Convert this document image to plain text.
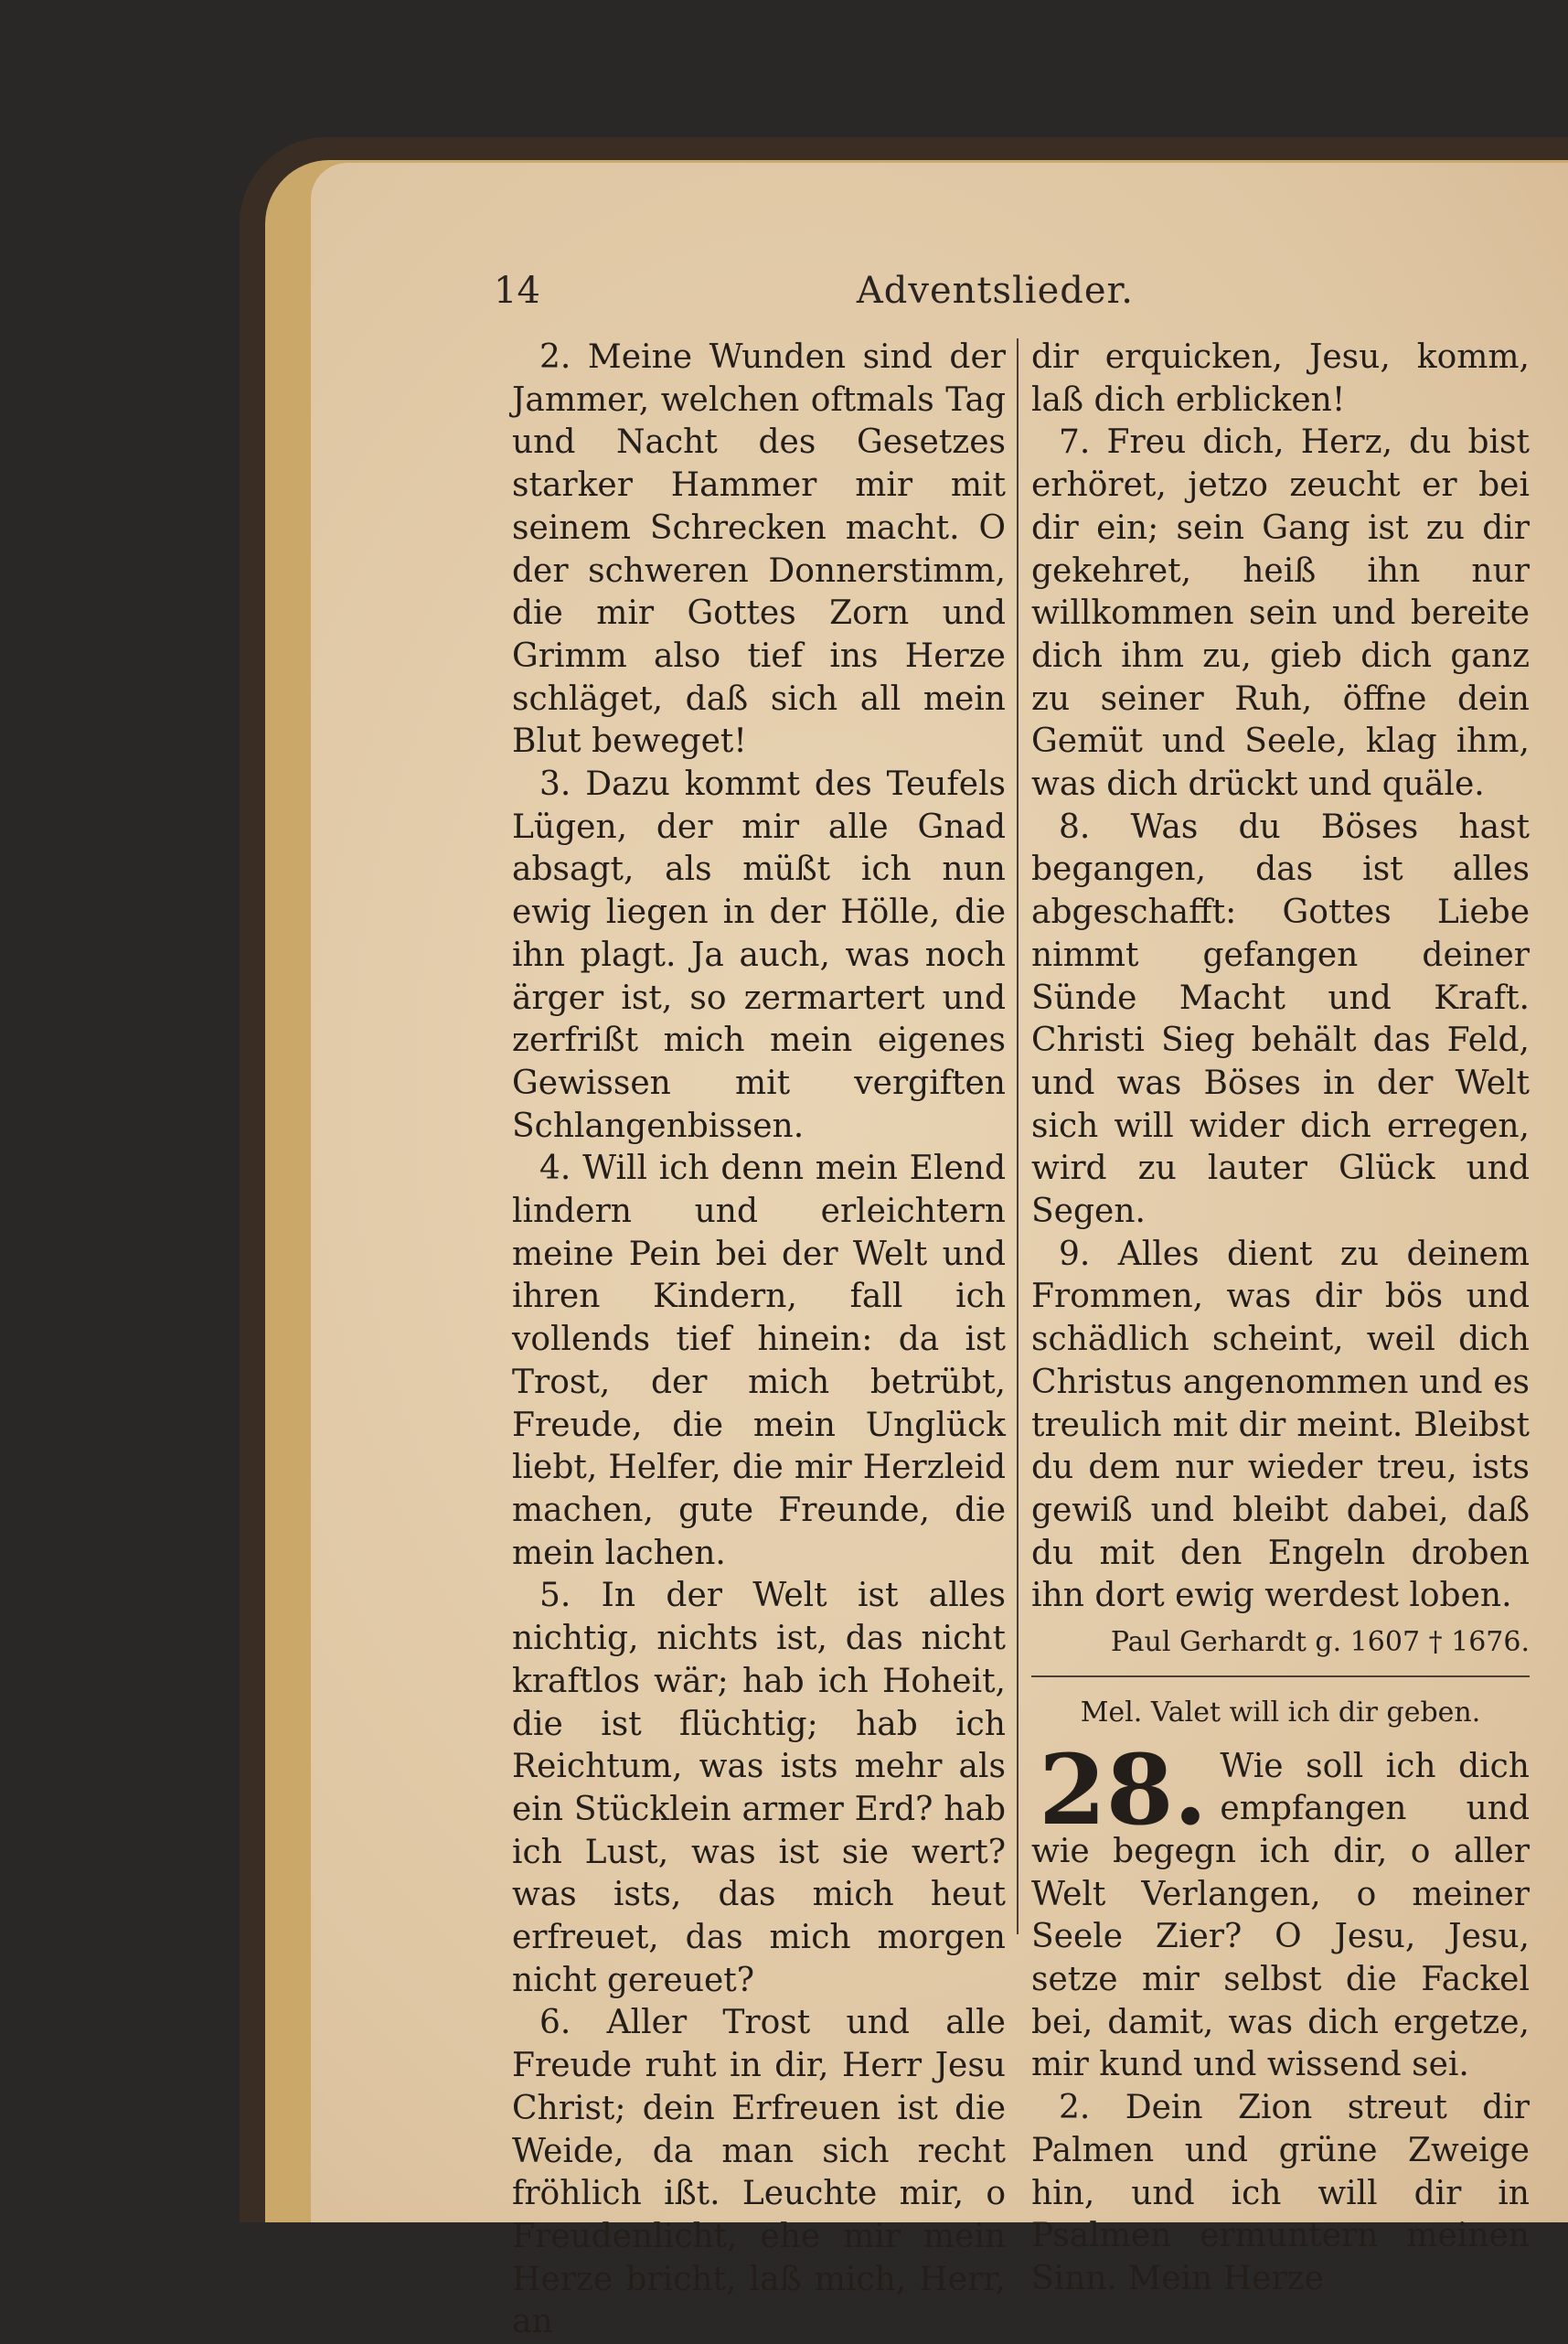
14	Adventslieder.

2. Meine Wunden sind der Jammer, welchen oftmals Tag und Nacht des Gesetzes starker Hammer mir mit seinem Schrecken macht. O der schweren Donnerstimm, die mir Gottes Zorn und Grimm also tief ins Herze schläget, daß sich all mein Blut beweget!

3. Dazu kommt des Teufels Lügen, der mir alle Gnad absagt, als müßt ich nun ewig liegen in der Hölle, die ihn plagt. Ja auch, was noch ärger ist, so zermartert und zerfrißt mich mein eigenes Gewissen mit vergiften Schlangenbissen.

4. Will ich denn mein Elend lindern und erleichtern meine Pein bei der Welt und ihren Kindern, fall ich vollends tief hinein: da ist Trost, der mich betrübt, Freude, die mein Unglück liebt, Helfer, die mir Herzleid machen, gute Freunde, die mein lachen.

5. In der Welt ist alles nichtig, nichts ist, das nicht kraftlos wär; hab ich Hoheit, die ist flüchtig; hab ich Reichtum, was ists mehr als ein Stücklein armer Erd? hab ich Lust, was ist sie wert? was ists, das mich heut erfreuet, das mich morgen nicht gereuet?

6. Aller Trost und alle Freude ruht in dir, Herr Jesu Christ; dein Erfreuen ist die Weide, da man sich recht fröhlich ißt. Leuchte mir, o Freudenlicht, ehe mir mein Herze bricht, laß mich, Herr, an

dir erquicken, Jesu, komm, laß dich erblicken!

7. Freu dich, Herz, du bist erhöret, jetzo zeucht er bei dir ein; sein Gang ist zu dir gekehret, heiß ihn nur willkommen sein und bereite dich ihm zu, gieb dich ganz zu seiner Ruh, öffne dein Gemüt und Seele, klag ihm, was dich drückt und quäle.

8. Was du Böses hast begangen, das ist alles abgeschafft: Gottes Liebe nimmt gefangen deiner Sünde Macht und Kraft. Christi Sieg behält das Feld, und was Böses in der Welt sich will wider dich erregen, wird zu lauter Glück und Segen.

9. Alles dient zu deinem Frommen, was dir bös und schädlich scheint, weil dich Christus angenommen und es treulich mit dir meint. Bleibst du dem nur wieder treu, ists gewiß und bleibt dabei, daß du mit den Engeln droben ihn dort ewig werdest loben.

Paul Gerhardt g. 1607 † 1676.
Mel. Valet will ich dir geben.
28. Wie soll ich dich empfangen und wie begegn ich dir, o aller Welt Verlangen, o meiner Seele Zier? O Jesu, Jesu, setze mir selbst die Fackel bei, damit, was dich ergetze, mir kund und wissend sei.

2. Dein Zion streut dir Palmen und grüne Zweige hin, und ich will dir in Psalmen ermuntern meinen Sinn. Mein Herze
